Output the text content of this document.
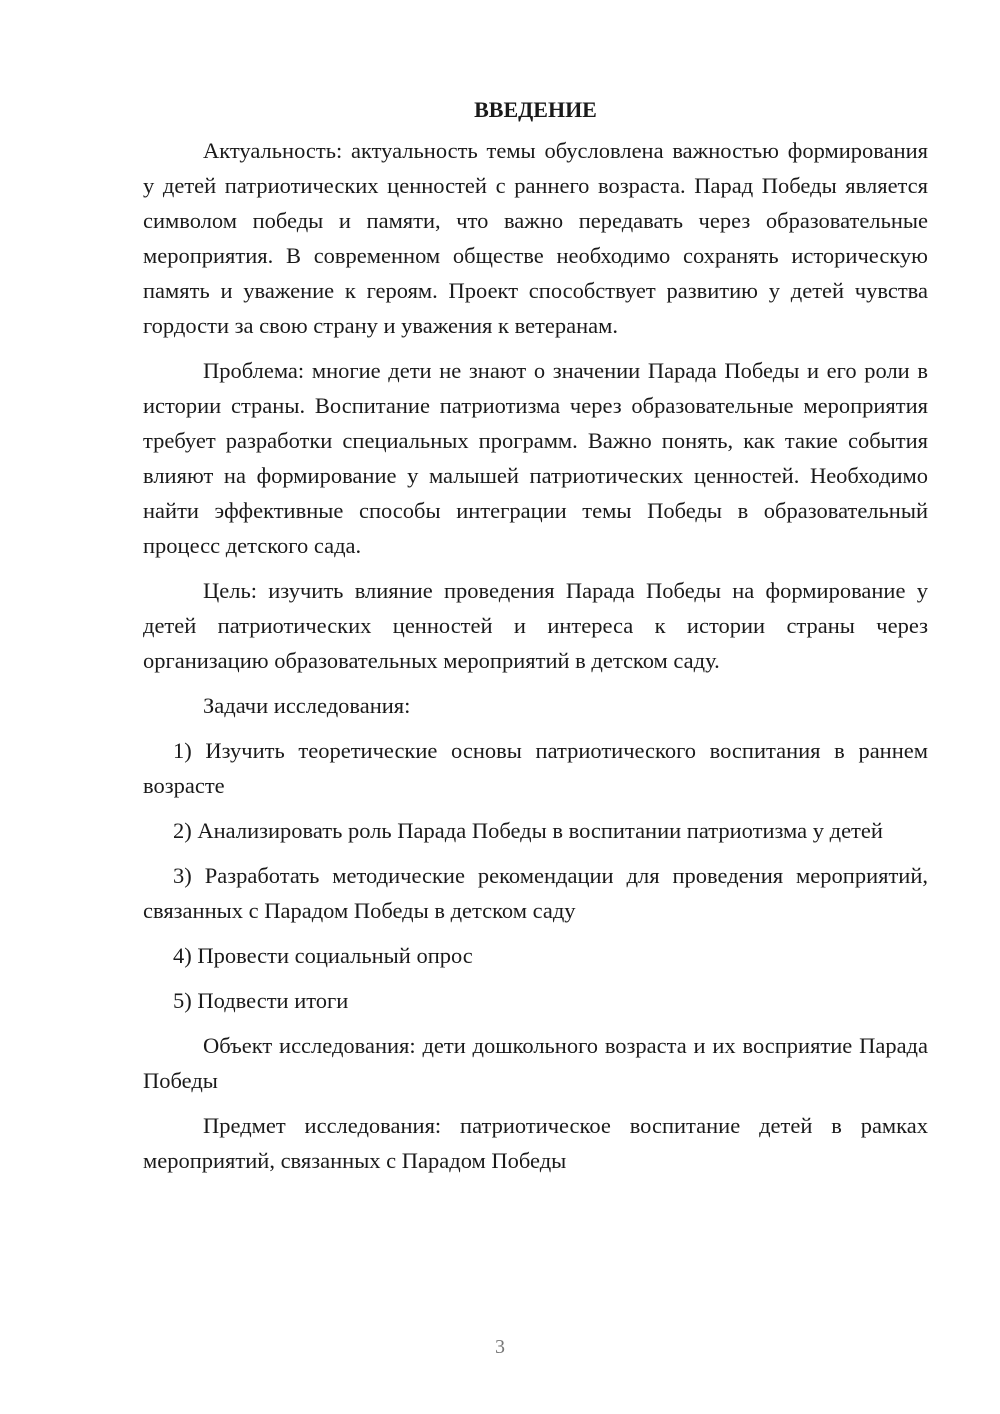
ВВЕДЕНИЕ

Актуальность: актуальность темы обусловлена важностью формирования у детей патриотических ценностей с раннего возраста. Парад Победы является символом победы и памяти, что важно передавать через образовательные мероприятия. В современном обществе необходимо сохранять историческую память и уважение к героям. Проект способствует развитию у детей чувства гордости за свою страну и уважения к ветеранам.

Проблема: многие дети не знают о значении Парада Победы и его роли в истории страны. Воспитание патриотизма через образовательные мероприятия требует разработки специальных программ. Важно понять, как такие события влияют на формирование у малышей патриотических ценностей. Необходимо найти эффективные способы интеграции темы Победы в образовательный процесс детского сада.

Цель: изучить влияние проведения Парада Победы на формирование у детей патриотических ценностей и интереса к истории страны через организацию образовательных мероприятий в детском саду.

Задачи исследования:

1) Изучить теоретические основы патриотического воспитания в раннем возрасте

2) Анализировать роль Парада Победы в воспитании патриотизма у детей

3) Разработать методические рекомендации для проведения мероприятий, связанных с Парадом Победы в детском саду

4) Провести социальный опрос

5) Подвести итоги

Объект исследования: дети дошкольного возраста и их восприятие Парада Победы

Предмет исследования: патриотическое воспитание детей в рамках мероприятий, связанных с Парадом Победы

3
